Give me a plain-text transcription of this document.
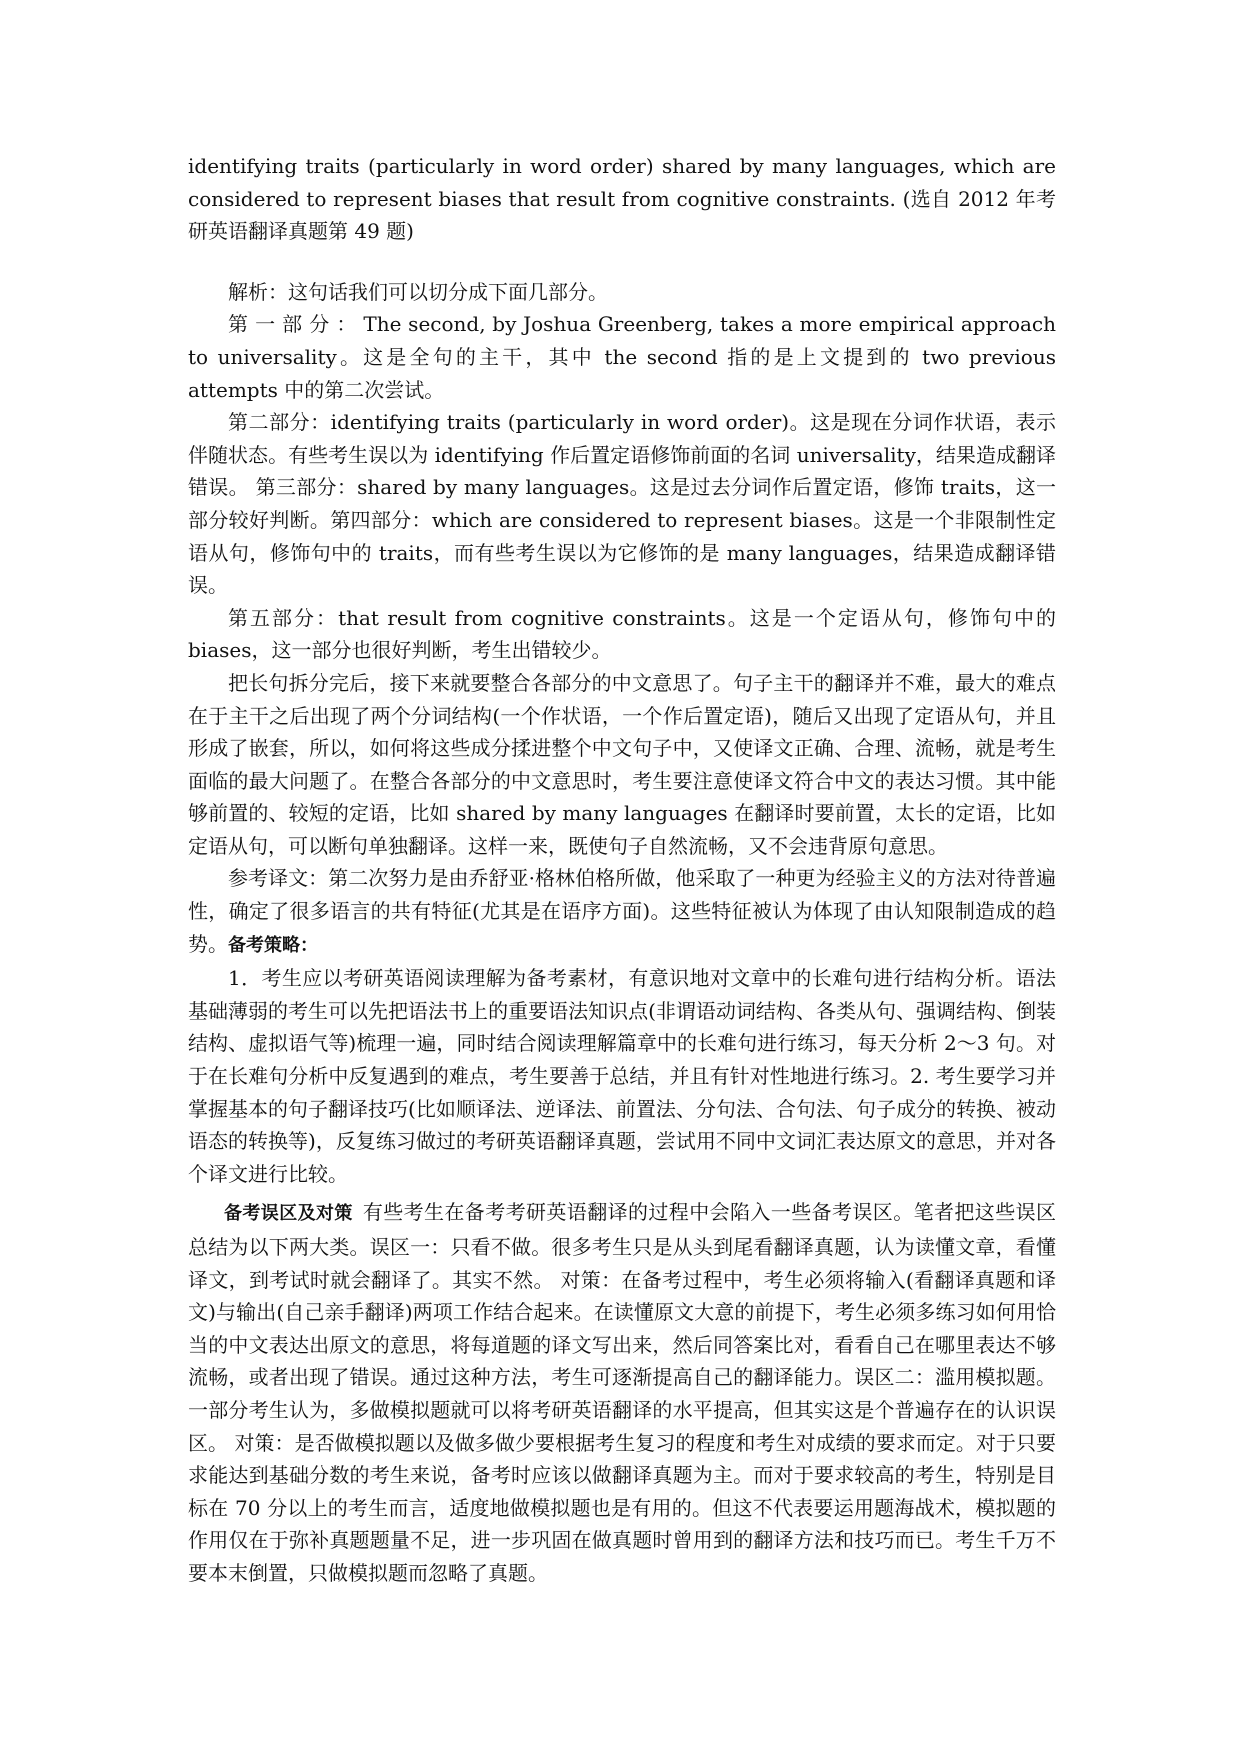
identifying traits (particularly in word order) shared by many languages, which are considered to represent biases that result from cognitive constraints. (选自 2012 年考研英语翻译真题第 49 题)

解析：这句话我们可以切分成下面几部分。

第 一 部 分 ： The second, by Joshua Greenberg, takes a more empirical approach to universality。这是全句的主干，其中 the second 指的是上文提到的 two previous attempts 中的第二次尝试。

第二部分：identifying traits (particularly in word order)。这是现在分词作状语，表示伴随状态。有些考生误以为 identifying 作后置定语修饰前面的名词 universality，结果造成翻译错误。 第三部分：shared by many languages。这是过去分词作后置定语，修饰 traits，这一部分较好判断。第四部分：which are considered to represent biases。这是一个非限制性定语从句，修饰句中的 traits，而有些考生误以为它修饰的是 many languages，结果造成翻译错误。

第五部分：that result from cognitive constraints。这是一个定语从句，修饰句中的 biases，这一部分也很好判断，考生出错较少。

把长句拆分完后，接下来就要整合各部分的中文意思了。句子主干的翻译并不难，最大的难点在于主干之后出现了两个分词结构(一个作状语，一个作后置定语)，随后又出现了定语从句，并且形成了嵌套，所以，如何将这些成分揉进整个中文句子中，又使译文正确、合理、流畅，就是考生面临的最大问题了。在整合各部分的中文意思时，考生要注意使译文符合中文的表达习惯。其中能够前置的、较短的定语，比如 shared by many languages 在翻译时要前置，太长的定语，比如定语从句，可以断句单独翻译。这样一来，既使句子自然流畅，又不会违背原句意思。

参考译文：第二次努力是由乔舒亚·格林伯格所做，他采取了一种更为经验主义的方法对待普遍性，确定了很多语言的共有特征(尤其是在语序方面)。这些特征被认为体现了由认知限制造成的趋势。备考策略：

1．考生应以考研英语阅读理解为备考素材，有意识地对文章中的长难句进行结构分析。语法基础薄弱的考生可以先把语法书上的重要语法知识点(非谓语动词结构、各类从句、强调结构、倒装结构、虚拟语气等)梳理一遍，同时结合阅读理解篇章中的长难句进行练习，每天分析 2～3 句。对于在长难句分析中反复遇到的难点，考生要善于总结，并且有针对性地进行练习。2. 考生要学习并掌握基本的句子翻译技巧(比如顺译法、逆译法、前置法、分句法、合句法、句子成分的转换、被动语态的转换等)，反复练习做过的考研英语翻译真题，尝试用不同中文词汇表达原文的意思，并对各个译文进行比较。

备考误区及对策 有些考生在备考考研英语翻译的过程中会陷入一些备考误区。笔者把这些误区总结为以下两大类。误区一：只看不做。很多考生只是从头到尾看翻译真题，认为读懂文章，看懂译文，到考试时就会翻译了。其实不然。 对策：在备考过程中，考生必须将输入(看翻译真题和译文)与输出(自己亲手翻译)两项工作结合起来。在读懂原文大意的前提下，考生必须多练习如何用恰当的中文表达出原文的意思，将每道题的译文写出来，然后同答案比对，看看自己在哪里表达不够流畅，或者出现了错误。通过这种方法，考生可逐渐提高自己的翻译能力。误区二：滥用模拟题。一部分考生认为，多做模拟题就可以将考研英语翻译的水平提高，但其实这是个普遍存在的认识误区。 对策：是否做模拟题以及做多做少要根据考生复习的程度和考生对成绩的要求而定。对于只要求能达到基础分数的考生来说，备考时应该以做翻译真题为主。而对于要求较高的考生，特别是目标在 70 分以上的考生而言，适度地做模拟题也是有用的。但这不代表要运用题海战术，模拟题的作用仅在于弥补真题题量不足，进一步巩固在做真题时曾用到的翻译方法和技巧而已。考生千万不要本末倒置，只做模拟题而忽略了真题。
